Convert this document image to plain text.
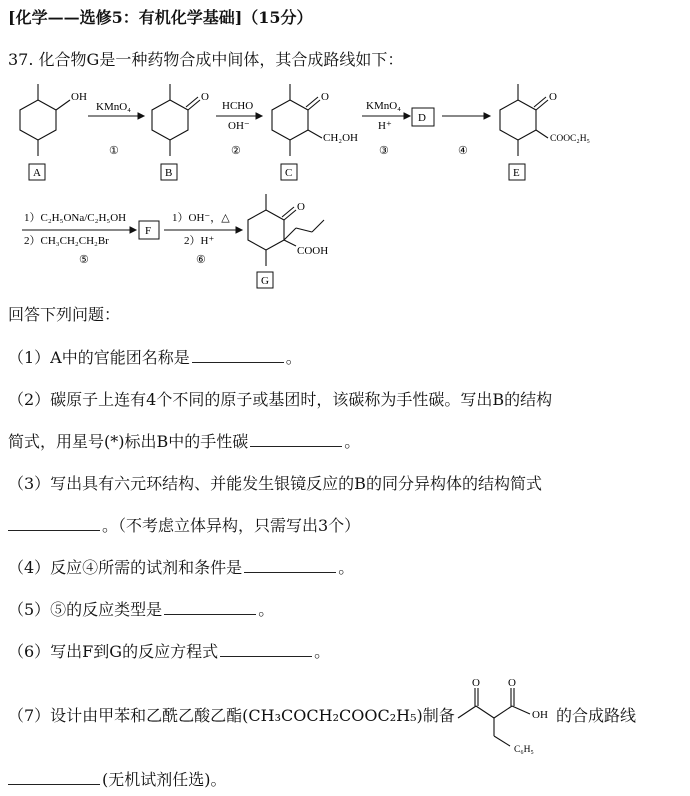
[化学——选修5：有机化学基础]（15分）
37. 化合物G是一种药物合成中间体，其合成路线如下：
OH
A
KMnO₄
①
O
B
HCHO
OH⁻
②
O
CH₂OH
C
KMnO₄
H⁺
③
D
④
O
COOC₂H₅
E
1）C₂H₅ONa/C₂H₅OH
2）CH₃CH₂CH₂Br
⑤
F
1）OH⁻，△
2）H⁺
⑥
O
COOH
G
回答下列问题：
（1）A中的官能团名称是	。
（2）碳原子上连有4个不同的原子或基团时，该碳称为手性碳。写出B的结构
简式，用星号(*)标出B中的手性碳	。
（3）写出具有六元环结构、并能发生银镜反应的B的同分异构体的结构简式
。（不考虑立体异构，只需写出3个）
（4）反应④所需的试剂和条件是	。
（5）⑤的反应类型是	。
（6）写出F到G的反应方程式	。
（7）设计由甲苯和乙酰乙酸乙酯(CH₃COCH₂COOC₂H₅)制备
O	O
OH
C₆H₅
的合成路线
(无机试剂任选)。
